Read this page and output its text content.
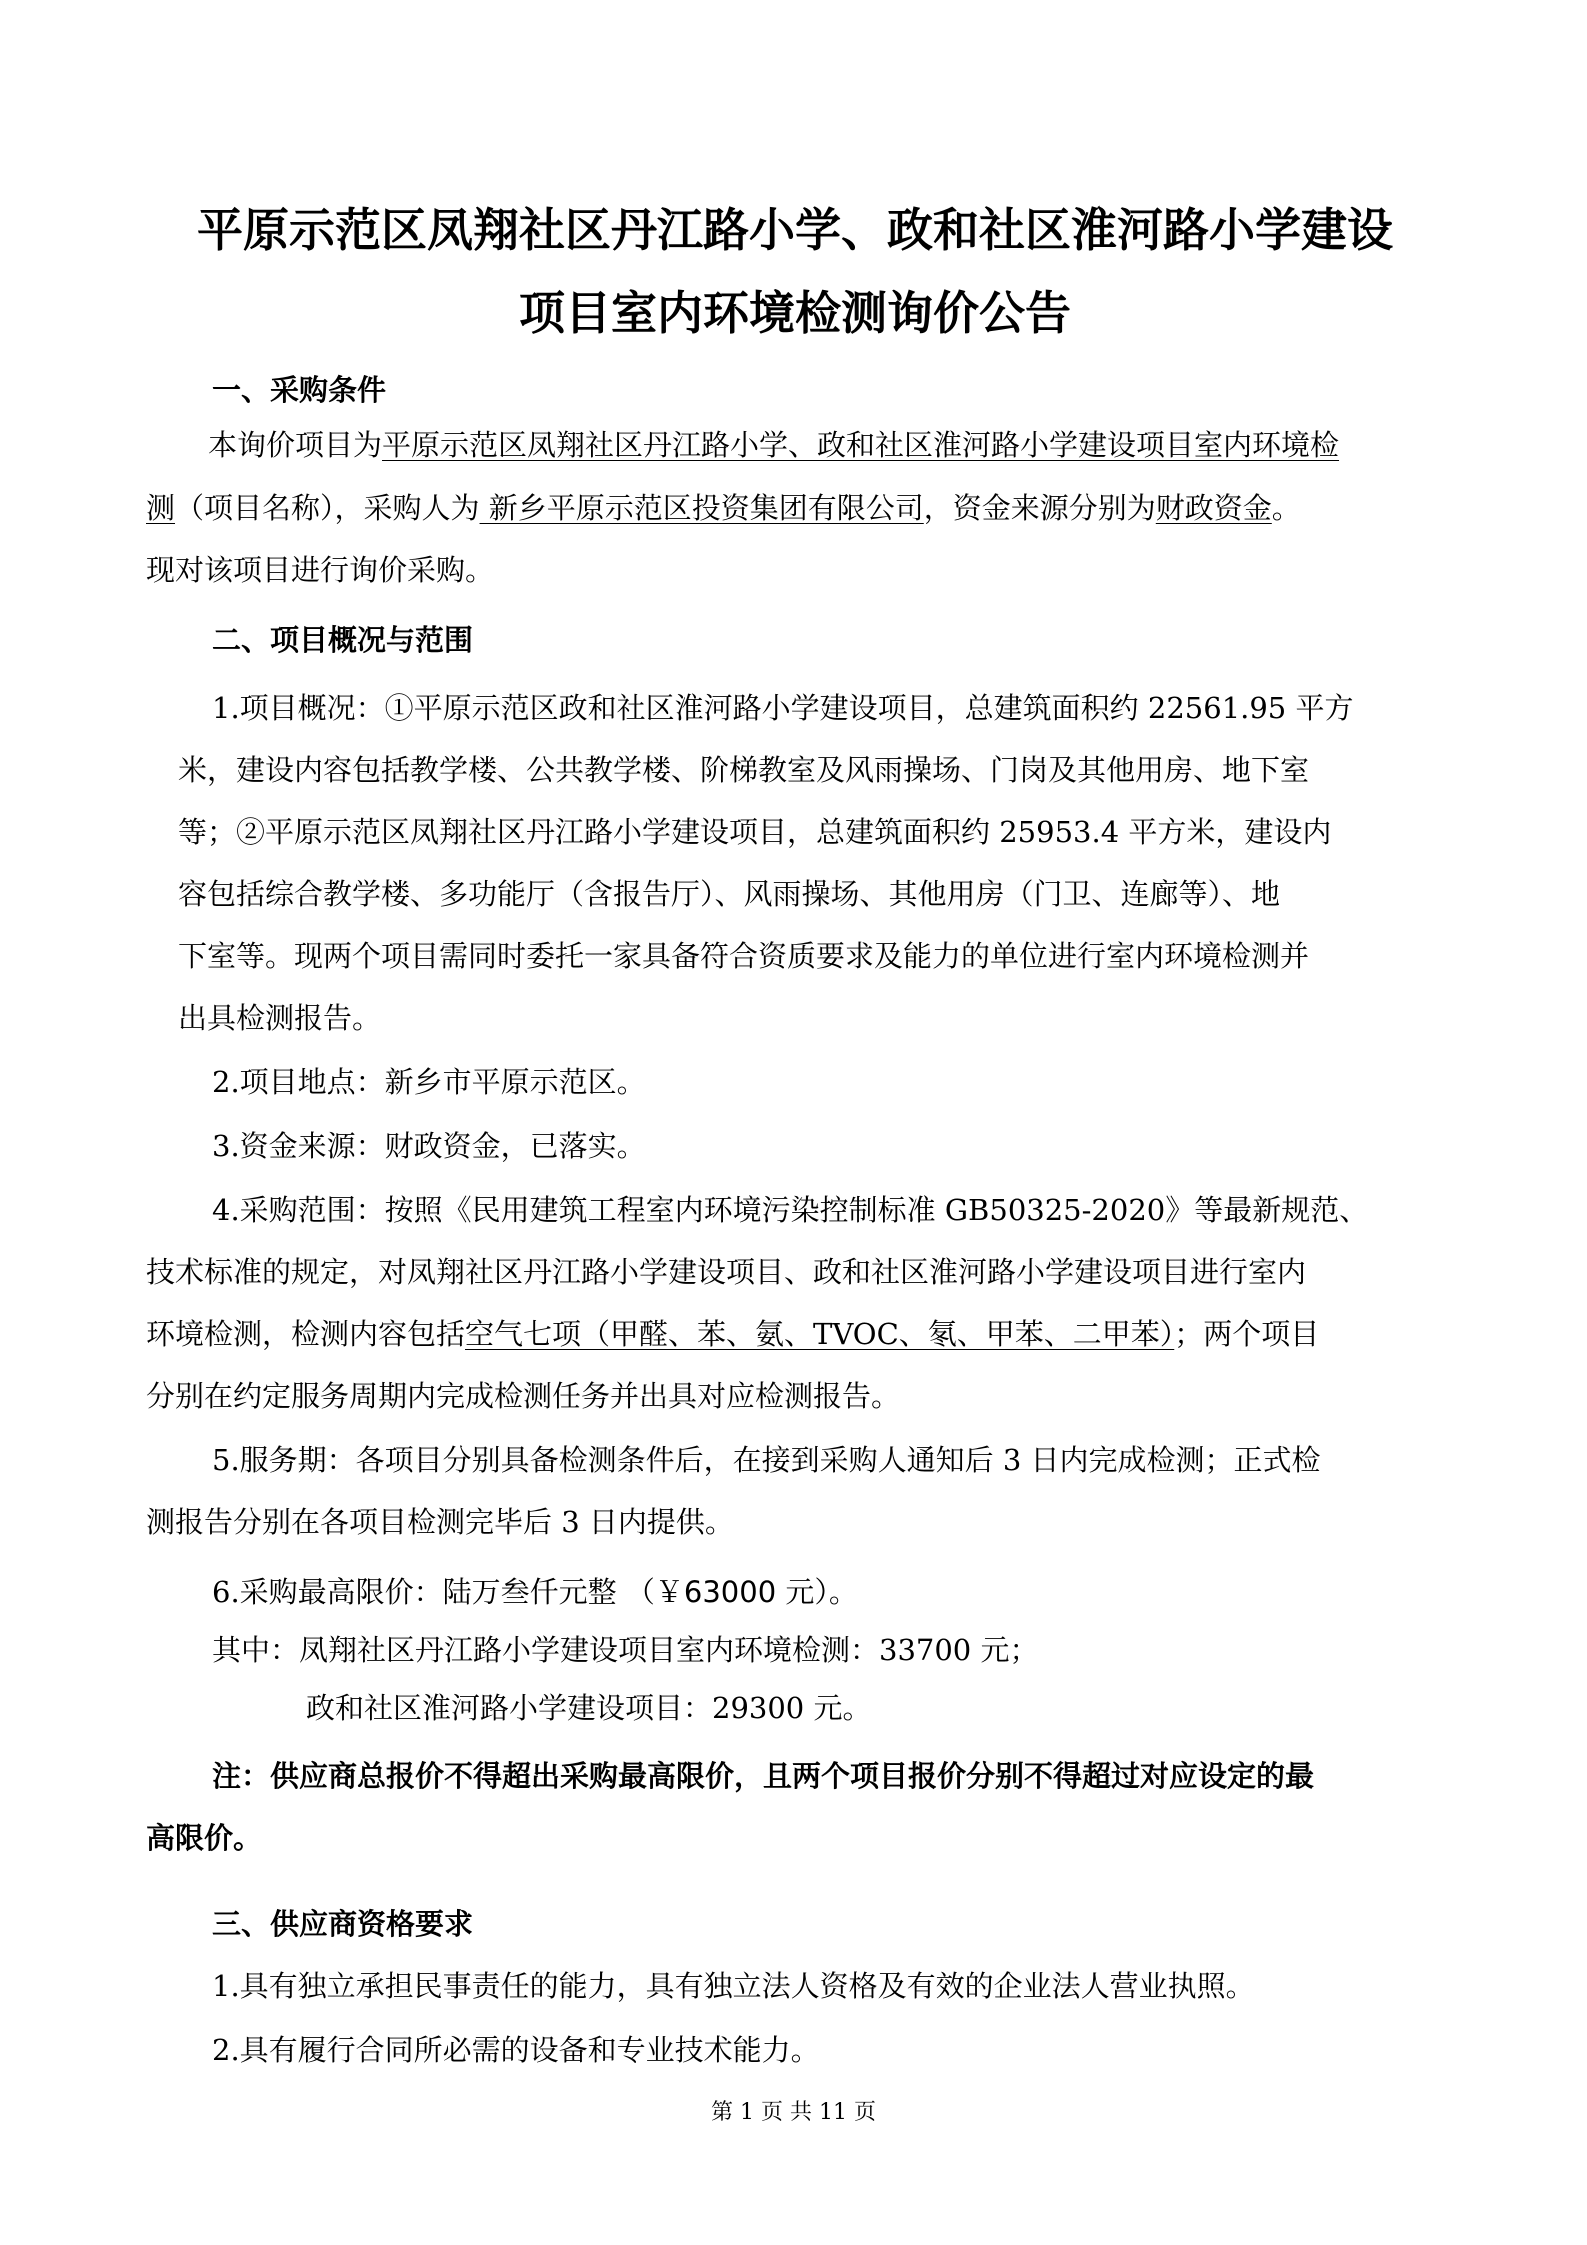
平原示范区凤翔社区丹江路小学、政和社区淮河路小学建设
项目室内环境检测询价公告
一、采购条件
本询价项目为平原示范区凤翔社区丹江路小学、政和社区淮河路小学建设项目室内环境检
测（项目名称），采购人为 新乡平原示范区投资集团有限公司，资金来源分别为财政资金。
现对该项目进行询价采购。
二、项目概况与范围
1.项目概况：①平原示范区政和社区淮河路小学建设项目，总建筑面积约 22561.95 平方
米，建设内容包括教学楼、公共教学楼、阶梯教室及风雨操场、门岗及其他用房、地下室
等；②平原示范区凤翔社区丹江路小学建设项目，总建筑面积约 25953.4 平方米，建设内
容包括综合教学楼、多功能厅（含报告厅）、风雨操场、其他用房（门卫、连廊等）、地
下室等。现两个项目需同时委托一家具备符合资质要求及能力的单位进行室内环境检测并
出具检测报告。
2.项目地点：新乡市平原示范区。
3.资金来源：财政资金，已落实。
4.采购范围：按照《民用建筑工程室内环境污染控制标准 GB50325-2020》等最新规范、
技术标准的规定，对凤翔社区丹江路小学建设项目、政和社区淮河路小学建设项目进行室内
环境检测，检测内容包括空气七项（甲醛、苯、氨、TVOC、氡、甲苯、二甲苯）；两个项目
分别在约定服务周期内完成检测任务并出具对应检测报告。
5.服务期：各项目分别具备检测条件后，在接到采购人通知后 3 日内完成检测；正式检
测报告分别在各项目检测完毕后 3 日内提供。
6.采购最高限价：陆万叁仟元整 （￥63000 元）。
其中：凤翔社区丹江路小学建设项目室内环境检测：33700 元；
政和社区淮河路小学建设项目：29300 元。
注：供应商总报价不得超出采购最高限价，且两个项目报价分别不得超过对应设定的最
高限价。
三、供应商资格要求
1.具有独立承担民事责任的能力，具有独立法人资格及有效的企业法人营业执照。
2.具有履行合同所必需的设备和专业技术能力。
第 1 页 共 11 页
